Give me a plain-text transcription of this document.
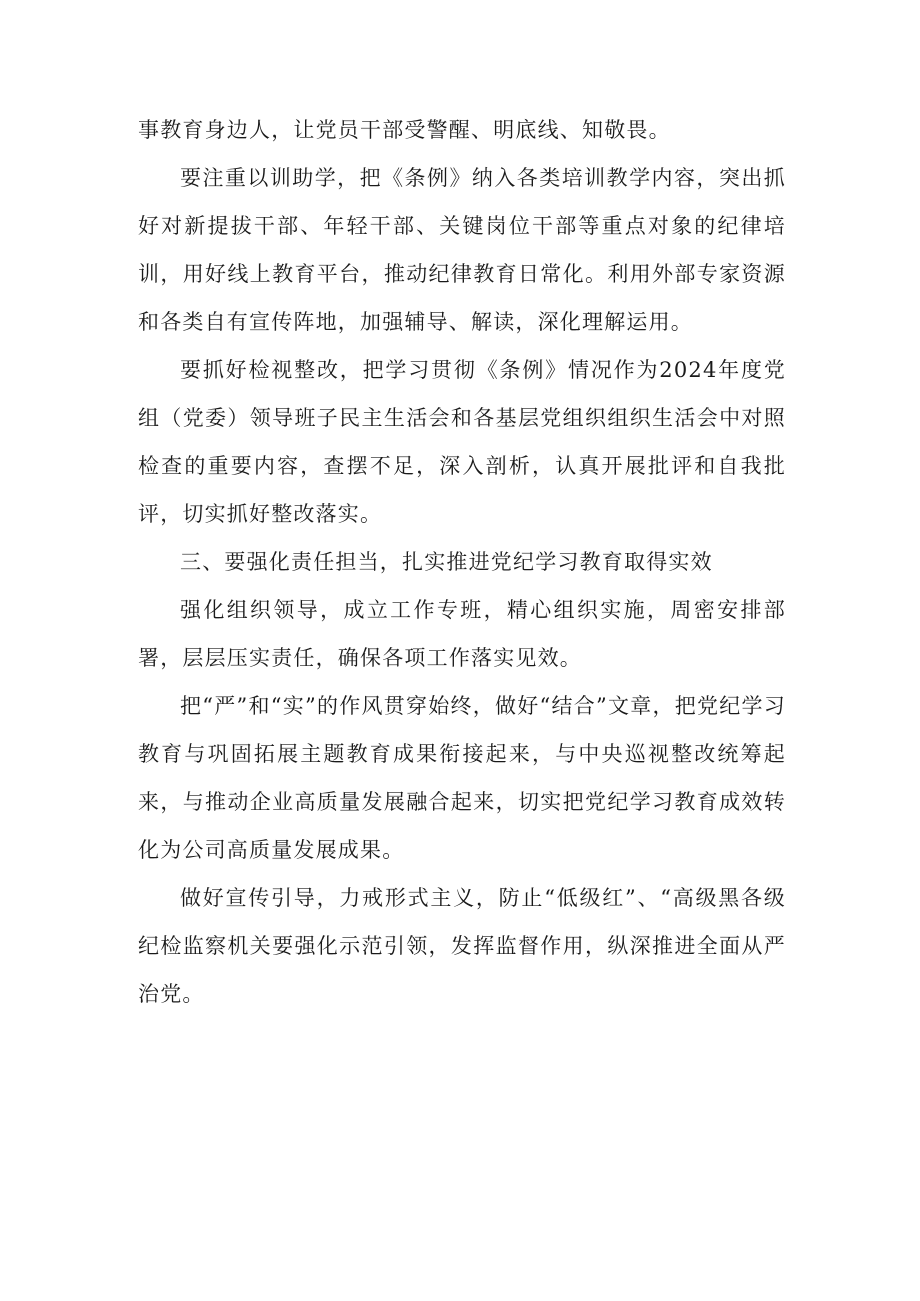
事教育身边人，让党员干部受警醒、明底线、知敬畏。

要注重以训助学，把《条例》纳入各类培训教学内容，突出抓好对新提拔干部、年轻干部、关键岗位干部等重点对象的纪律培训，用好线上教育平台，推动纪律教育日常化。利用外部专家资源和各类自有宣传阵地，加强辅导、解读，深化理解运用。

要抓好检视整改，把学习贯彻《条例》情况作为2024年度党组（党委）领导班子民主生活会和各基层党组织组织生活会中对照检查的重要内容，查摆不足，深入剖析，认真开展批评和自我批评，切实抓好整改落实。

三、要强化责任担当，扎实推进党纪学习教育取得实效

强化组织领导，成立工作专班，精心组织实施，周密安排部署，层层压实责任，确保各项工作落实见效。

把“严”和“实”的作风贯穿始终，做好“结合”文章，把党纪学习教育与巩固拓展主题教育成果衔接起来，与中央巡视整改统筹起来，与推动企业高质量发展融合起来，切实把党纪学习教育成效转化为公司高质量发展成果。

做好宣传引导，力戒形式主义，防止“低级红”、“高级黑各级纪检监察机关要强化示范引领，发挥监督作用，纵深推进全面从严治党。
